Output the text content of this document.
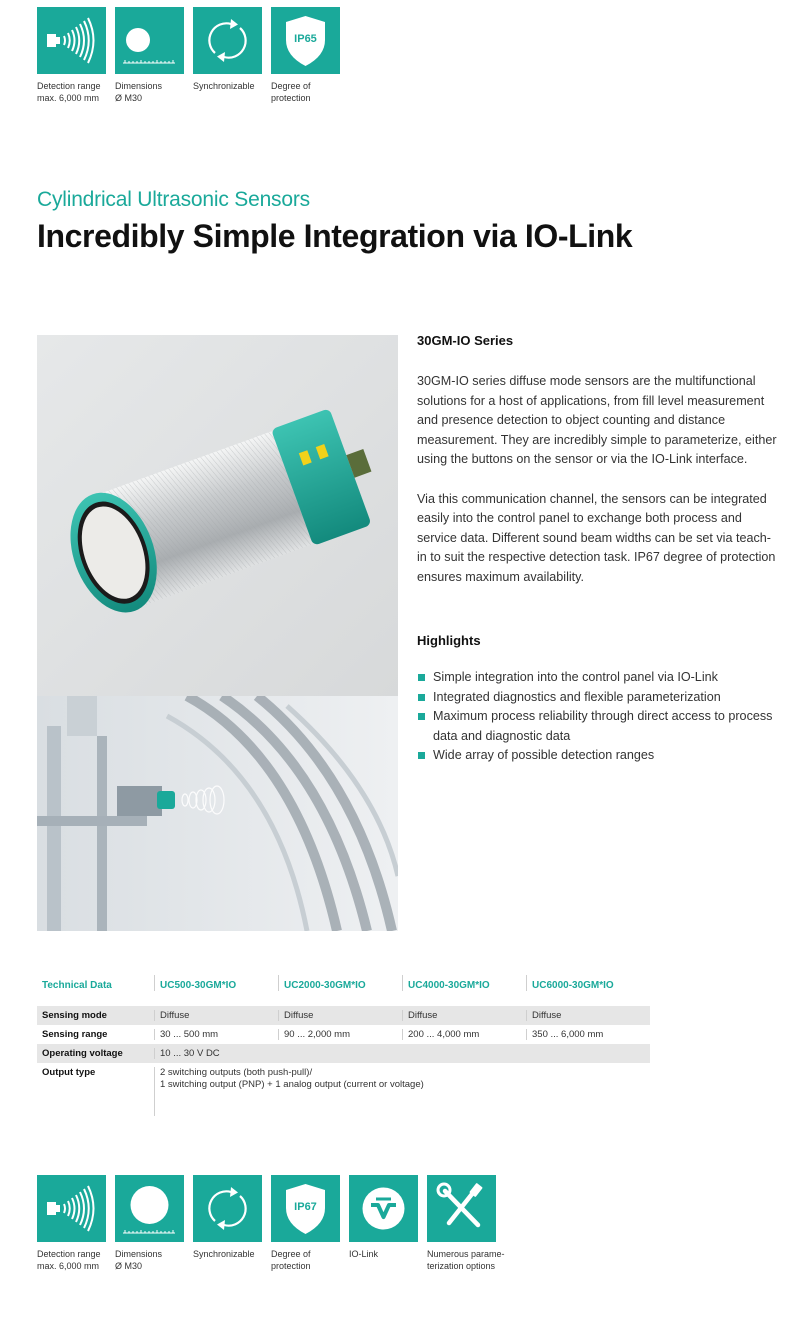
Detection range
max. 6,000 mm
Dimensions
Ø M30
Synchronizable
IP65
Degree of
protection
Cylindrical Ultrasonic Sensors
Incredibly Simple Integration via IO-Link
30GM-IO Series

30GM-IO series diffuse mode sensors are the multifunctional solutions for a host of applications, from fill level measurement and presence detection to object counting and distance measurement. They are incredibly simple to parameterize, either using the buttons on the sensor or via the IO-Link interface.

Via this communication channel, the sensors can be integrated easily into the control panel to exchange both process and service data. Different sound beam widths can be set via teach-in to suit the respective detection task. IP67 degree of protection ensures maximum availability.

Highlights
Simple integration into the control panel via IO-Link
Integrated diagnostics and flexible parameterization
Maximum process reliability through direct access to process data and diagnostic data
Wide array of possible detection ranges
Technical Data	UC500-30GM*IO	UC2000-30GM*IO	UC4000-30GM*IO	UC6000-30GM*IO
Sensing mode	Diffuse	Diffuse	Diffuse	Diffuse
Sensing range	30 ... 500 mm	90 ... 2,000 mm	200 ... 4,000 mm	350 ... 6,000 mm
Operating voltage	10 ... 30 V DC
Output type	2 switching outputs (both push-pull)/
1 switching output (PNP) + 1 analog output (current or voltage)
Detection range
max. 6,000 mm
Dimensions
Ø M30
Synchronizable
IP67
Degree of
protection
IO-Link	Numerous parame-
terization options
